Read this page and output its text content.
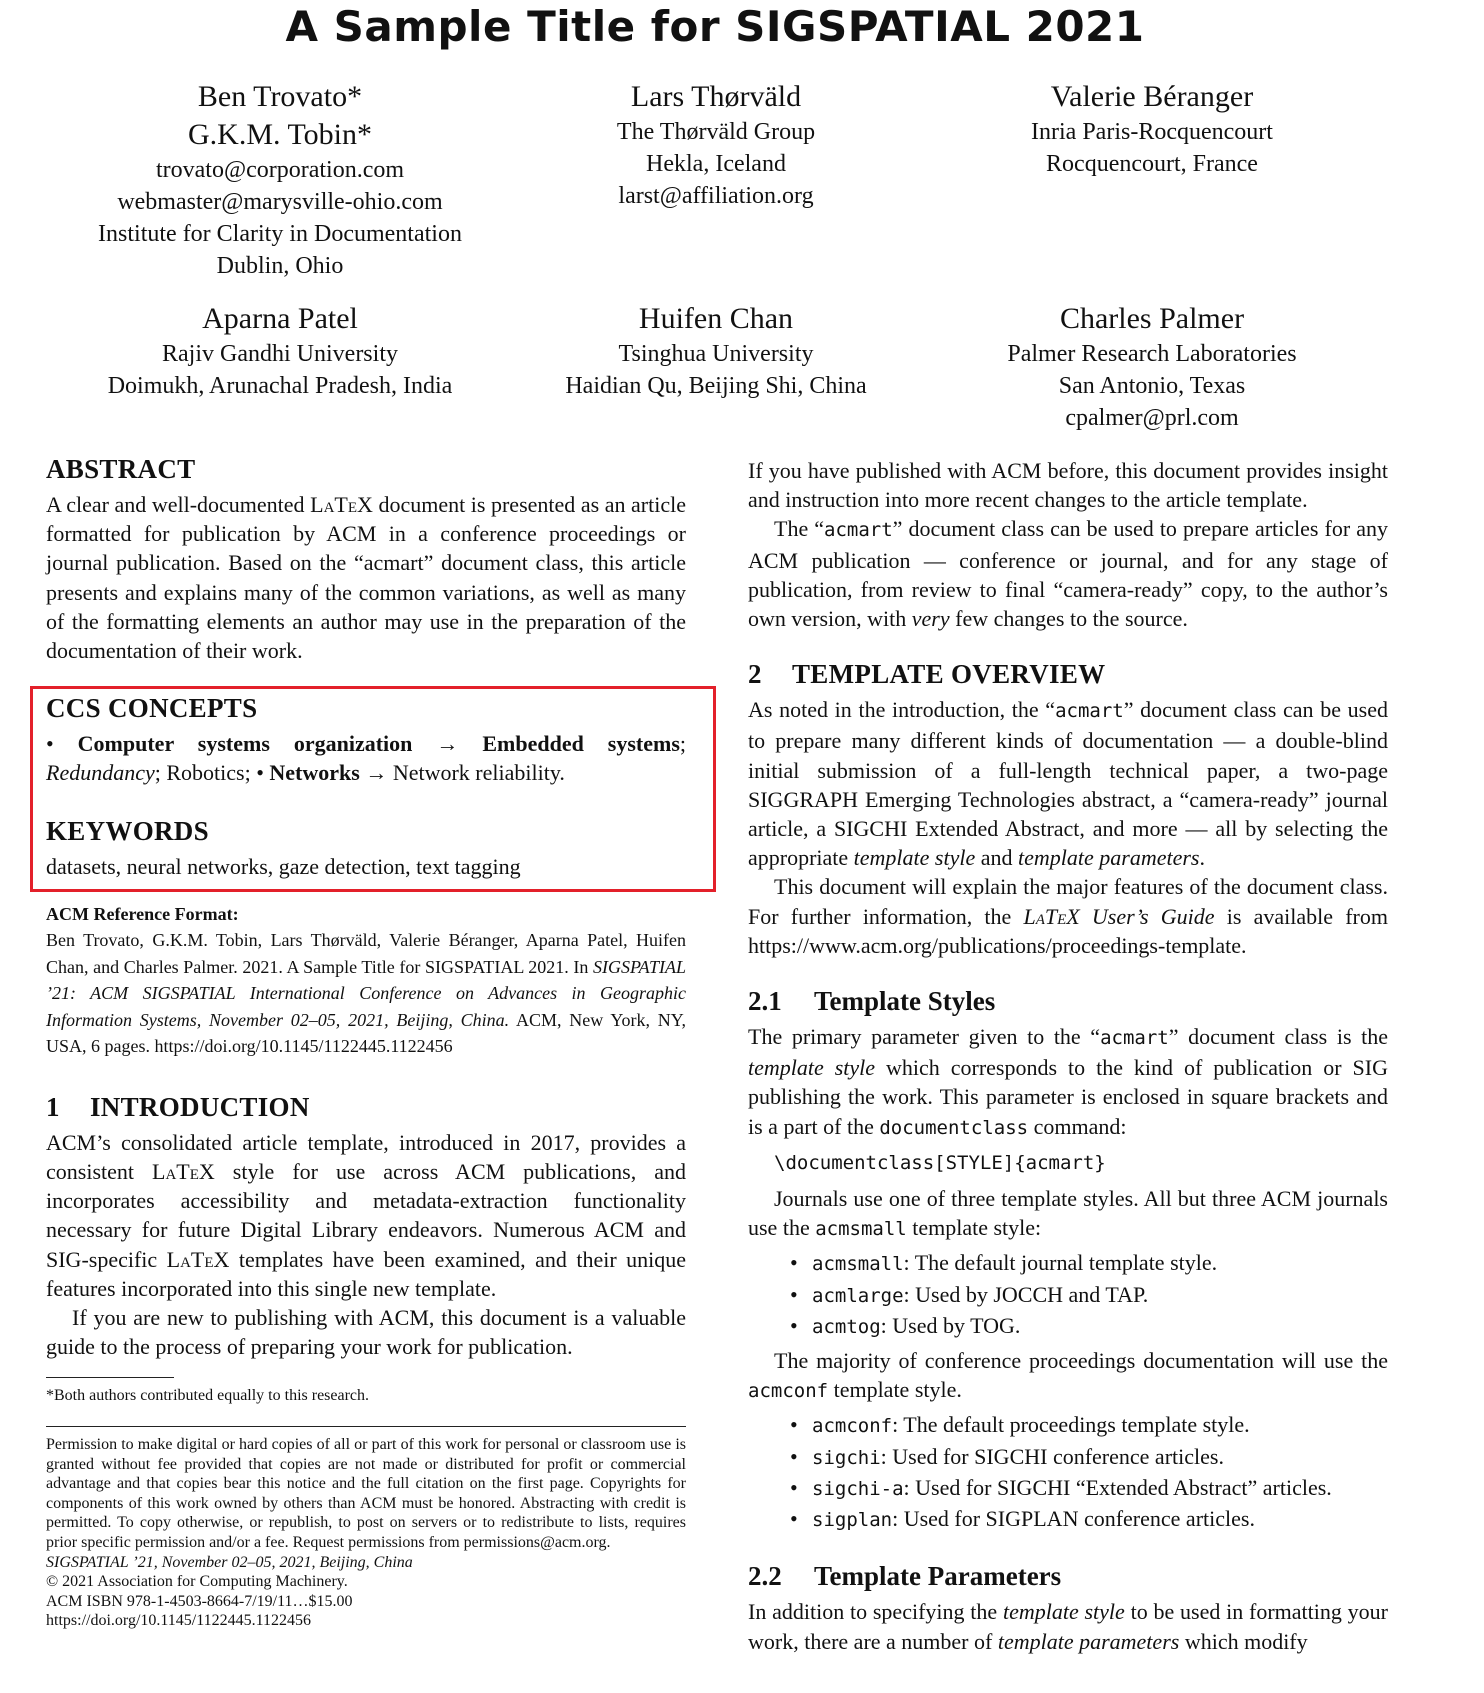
A Sample Title for SIGSPATIAL 2021
Ben Trovato*
G.K.M. Tobin*
trovato@corporation.com
webmaster@marysville-ohio.com
Institute for Clarity in Documentation
Dublin, Ohio
Lars Thørväld
The Thørväld Group
Hekla, Iceland
larst@affiliation.org
Valerie Béranger
Inria Paris-Rocquencourt
Rocquencourt, France
Aparna Patel
Rajiv Gandhi University
Doimukh, Arunachal Pradesh, India
Huifen Chan
Tsinghua University
Haidian Qu, Beijing Shi, China
Charles Palmer
Palmer Research Laboratories
San Antonio, Texas
cpalmer@prl.com
ABSTRACT

A clear and well-documented LaTeX document is presented as an article formatted for publication by ACM in a conference proceedings or journal publication. Based on the “acmart” document class, this article presents and explains many of the common variations, as well as many of the formatting elements an author may use in the preparation of the documentation of their work.

CCS CONCEPTS

• Computer systems organization → Embedded systems; Redundancy; Robotics; • Networks → Network reliability.

KEYWORDS

datasets, neural networks, gaze detection, text tagging

ACM Reference Format:
Ben Trovato, G.K.M. Tobin, Lars Thørväld, Valerie Béranger, Aparna Patel, Huifen Chan, and Charles Palmer. 2021. A Sample Title for SIGSPATIAL 2021. In SIGSPATIAL ’21: ACM SIGSPATIAL International Conference on Advances in Geographic Information Systems, November 02–05, 2021, Beijing, China. ACM, New York, NY, USA, 6 pages. https://doi.org/10.1145/1122445.1122456
1 INTRODUCTION

ACM’s consolidated article template, introduced in 2017, provides a consistent LaTeX style for use across ACM publications, and incorporates accessibility and metadata-extraction functionality necessary for future Digital Library endeavors. Numerous ACM and SIG-specific LaTeX templates have been examined, and their unique features incorporated into this single new template.

If you are new to publishing with ACM, this document is a valuable guide to the process of preparing your work for publication.

*Both authors contributed equally to this research.
Permission to make digital or hard copies of all or part of this work for personal or classroom use is granted without fee provided that copies are not made or distributed for profit or commercial advantage and that copies bear this notice and the full citation on the first page. Copyrights for components of this work owned by others than ACM must be honored. Abstracting with credit is permitted. To copy otherwise, or republish, to post on servers or to redistribute to lists, requires prior specific permission and/or a fee. Request permissions from permissions@acm.org.
SIGSPATIAL ’21, November 02–05, 2021, Beijing, China
© 2021 Association for Computing Machinery.
ACM ISBN 978-1-4503-8664-7/19/11…$15.00
https://doi.org/10.1145/1122445.1122456

If you have published with ACM before, this document provides insight and instruction into more recent changes to the article template.

The “acmart” document class can be used to prepare articles for any ACM publication — conference or journal, and for any stage of publication, from review to final “camera-ready” copy, to the author’s own version, with very few changes to the source.

2 TEMPLATE OVERVIEW

As noted in the introduction, the “acmart” document class can be used to prepare many different kinds of documentation — a double-blind initial submission of a full-length technical paper, a two-page SIGGRAPH Emerging Technologies abstract, a “camera-ready” journal article, a SIGCHI Extended Abstract, and more — all by selecting the appropriate template style and template parameters.

This document will explain the major features of the document class. For further information, the LaTeX User’s Guide is available from https://www.acm.org/publications/proceedings-template.

2.1 Template Styles

The primary parameter given to the “acmart” document class is the template style which corresponds to the kind of publication or SIG publishing the work. This parameter is enclosed in square brackets and is a part of the documentclass command:

\documentclass[STYLE]{acmart}

Journals use one of three template styles. All but three ACM journals use the acmsmall template style:

• acmsmall: The default journal template style.
• acmlarge: Used by JOCCH and TAP.
• acmtog: Used by TOG.

The majority of conference proceedings documentation will use the acmconf template style.

• acmconf: The default proceedings template style.
• sigchi: Used for SIGCHI conference articles.
• sigchi-a: Used for SIGCHI “Extended Abstract” articles.
• sigplan: Used for SIGPLAN conference articles.
2.2 Template Parameters

In addition to specifying the template style to be used in formatting your work, there are a number of template parameters which modify
